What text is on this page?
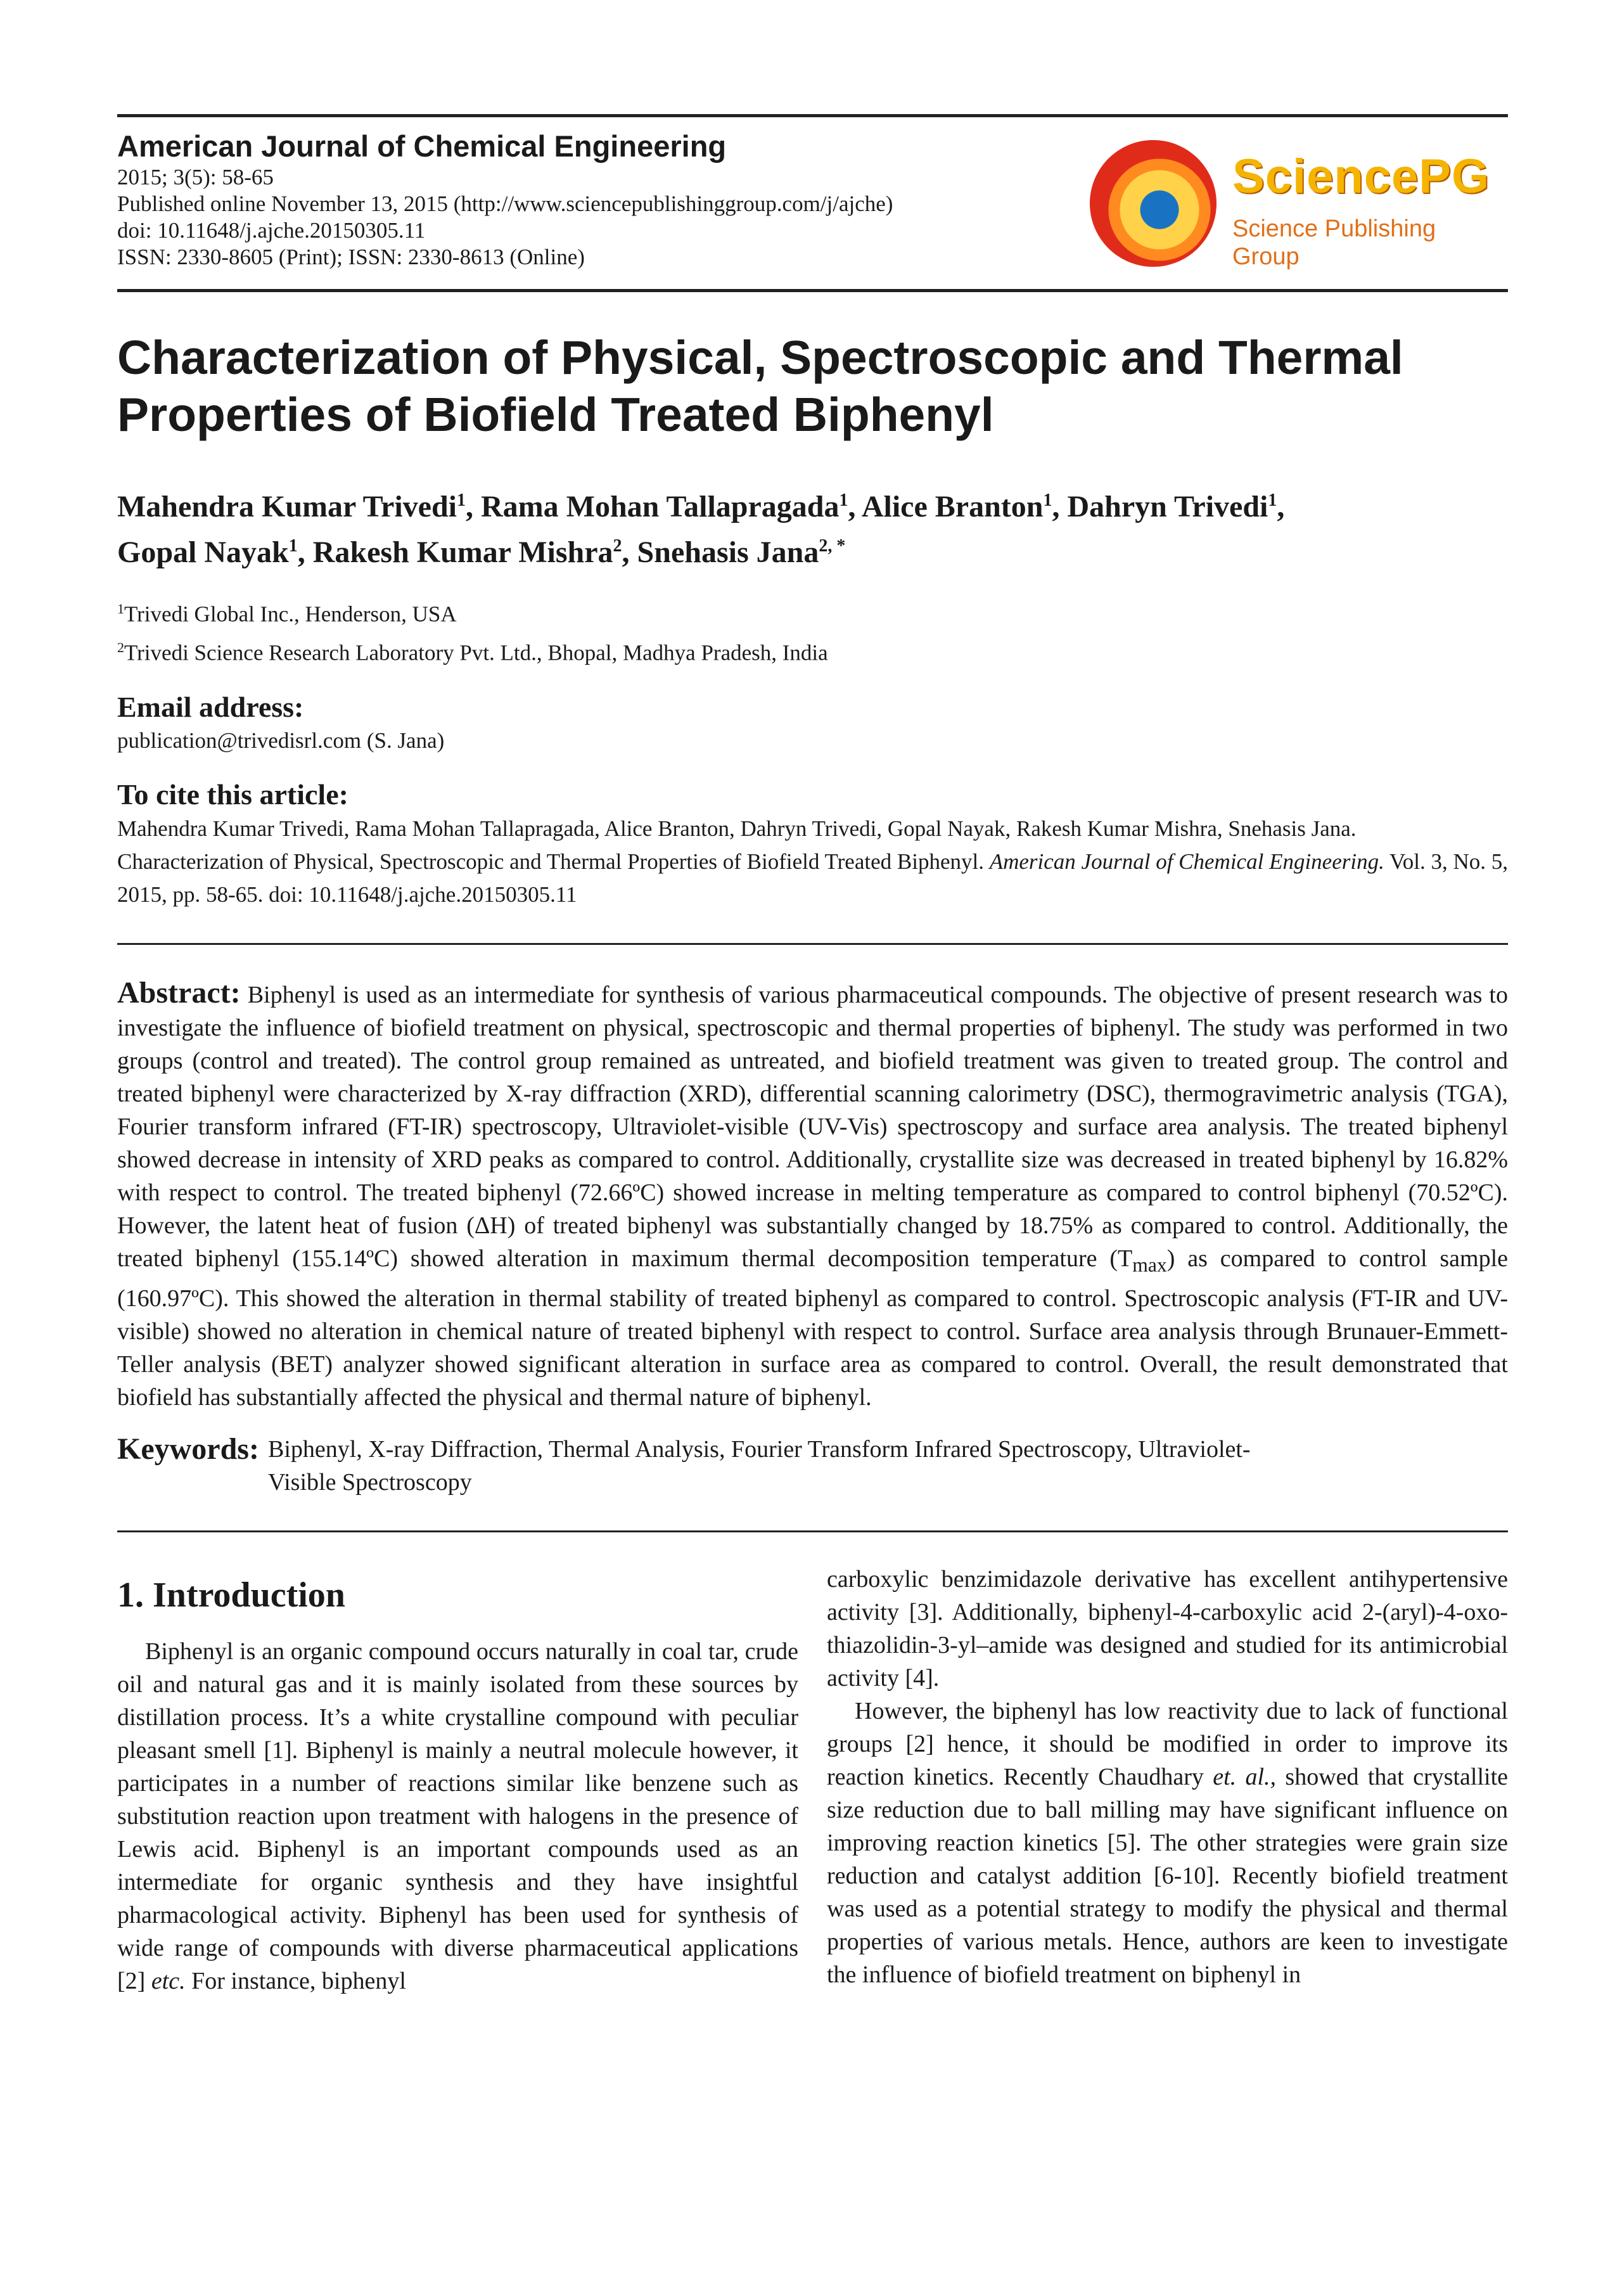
American Journal of Chemical Engineering

2015; 3(5): 58-65

Published online November 13, 2015 (http://www.sciencepublishinggroup.com/j/ajche)

doi: 10.11648/j.ajche.20150305.11

ISSN: 2330-8605 (Print); ISSN: 2330-8613 (Online)

SciencePG
Science Publishing Group
Characterization of Physical, Spectroscopic and Thermal
Properties of Biofield Treated Biphenyl

Mahendra Kumar Trivedi$^1$, Rama Mohan Tallapragada$^1$, Alice Branton$^1$, Dahryn Trivedi$^1$,
Gopal Nayak$^1$, Rakesh Kumar Mishra$^2$, Snehasis Jana$^{2, *}$

$^1$Trivedi Global Inc., Henderson, USA
$^2$Trivedi Science Research Laboratory Pvt. Ltd., Bhopal, Madhya Pradesh, India

Email address:

publication@trivedisrl.com (S. Jana)

To cite this article:

Mahendra Kumar Trivedi, Rama Mohan Tallapragada, Alice Branton, Dahryn Trivedi, Gopal Nayak, Rakesh Kumar Mishra, Snehasis Jana.
Characterization of Physical, Spectroscopic and Thermal Properties of Biofield Treated Biphenyl. American Journal of Chemical Engineering. Vol. 3, No. 5, 2015, pp. 58-65. doi: 10.11648/j.ajche.20150305.11

Abstract: Biphenyl is used as an intermediate for synthesis of various pharmaceutical compounds. The objective of present research was to investigate the influence of biofield treatment on physical, spectroscopic and thermal properties of biphenyl. The study was performed in two groups (control and treated). The control group remained as untreated, and biofield treatment was given to treated group. The control and treated biphenyl were characterized by X-ray diffraction (XRD), differential scanning calorimetry (DSC), thermogravimetric analysis (TGA), Fourier transform infrared (FT-IR) spectroscopy, Ultraviolet-visible (UV-Vis) spectroscopy and surface area analysis. The treated biphenyl showed decrease in intensity of XRD peaks as compared to control. Additionally, crystallite size was decreased in treated biphenyl by 16.82% with respect to control. The treated biphenyl (72.66ºC) showed increase in melting temperature as compared to control biphenyl (70.52ºC). However, the latent heat of fusion (ΔH) of treated biphenyl was substantially changed by 18.75% as compared to control. Additionally, the treated biphenyl (155.14ºC) showed alteration in maximum thermal decomposition temperature $(T_{max})$ as compared to control sample (160.97ºC). This showed the alteration in thermal stability of treated biphenyl as compared to control. Spectroscopic analysis (FT-IR and UV-visible) showed no alteration in chemical nature of treated biphenyl with respect to control. Surface area analysis through Brunauer-Emmett-Teller analysis (BET) analyzer showed significant alteration in surface area as compared to control. Overall, the result demonstrated that biofield has substantially affected the physical and thermal nature of biphenyl.
Keywords: Biphenyl, X-ray Diffraction, Thermal Analysis, Fourier Transform Infrared Spectroscopy, Ultraviolet-Visible Spectroscopy
1. Introduction

Biphenyl is an organic compound occurs naturally in coal tar, crude oil and natural gas and it is mainly isolated from these sources by distillation process. It’s a white crystalline compound with peculiar pleasant smell [1]. Biphenyl is mainly a neutral molecule however, it participates in a number of reactions similar like benzene such as substitution reaction upon treatment with halogens in the presence of Lewis acid. Biphenyl is an important compounds used as an intermediate for organic synthesis and they have insightful pharmacological activity. Biphenyl has been used for synthesis of wide range of compounds with diverse pharmaceutical applications [2] etc. For instance, biphenyl

carboxylic benzimidazole derivative has excellent antihypertensive activity [3]. Additionally, biphenyl-4-carboxylic acid 2-(aryl)-4-oxo-thiazolidin-3-yl–amide was designed and studied for its antimicrobial activity [4].

However, the biphenyl has low reactivity due to lack of functional groups [2] hence, it should be modified in order to improve its reaction kinetics. Recently Chaudhary et. al., showed that crystallite size reduction due to ball milling may have significant influence on improving reaction kinetics [5]. The other strategies were grain size reduction and catalyst addition [6-10]. Recently biofield treatment was used as a potential strategy to modify the physical and thermal properties of various metals. Hence, authors are keen to investigate the influence of biofield treatment on biphenyl in
